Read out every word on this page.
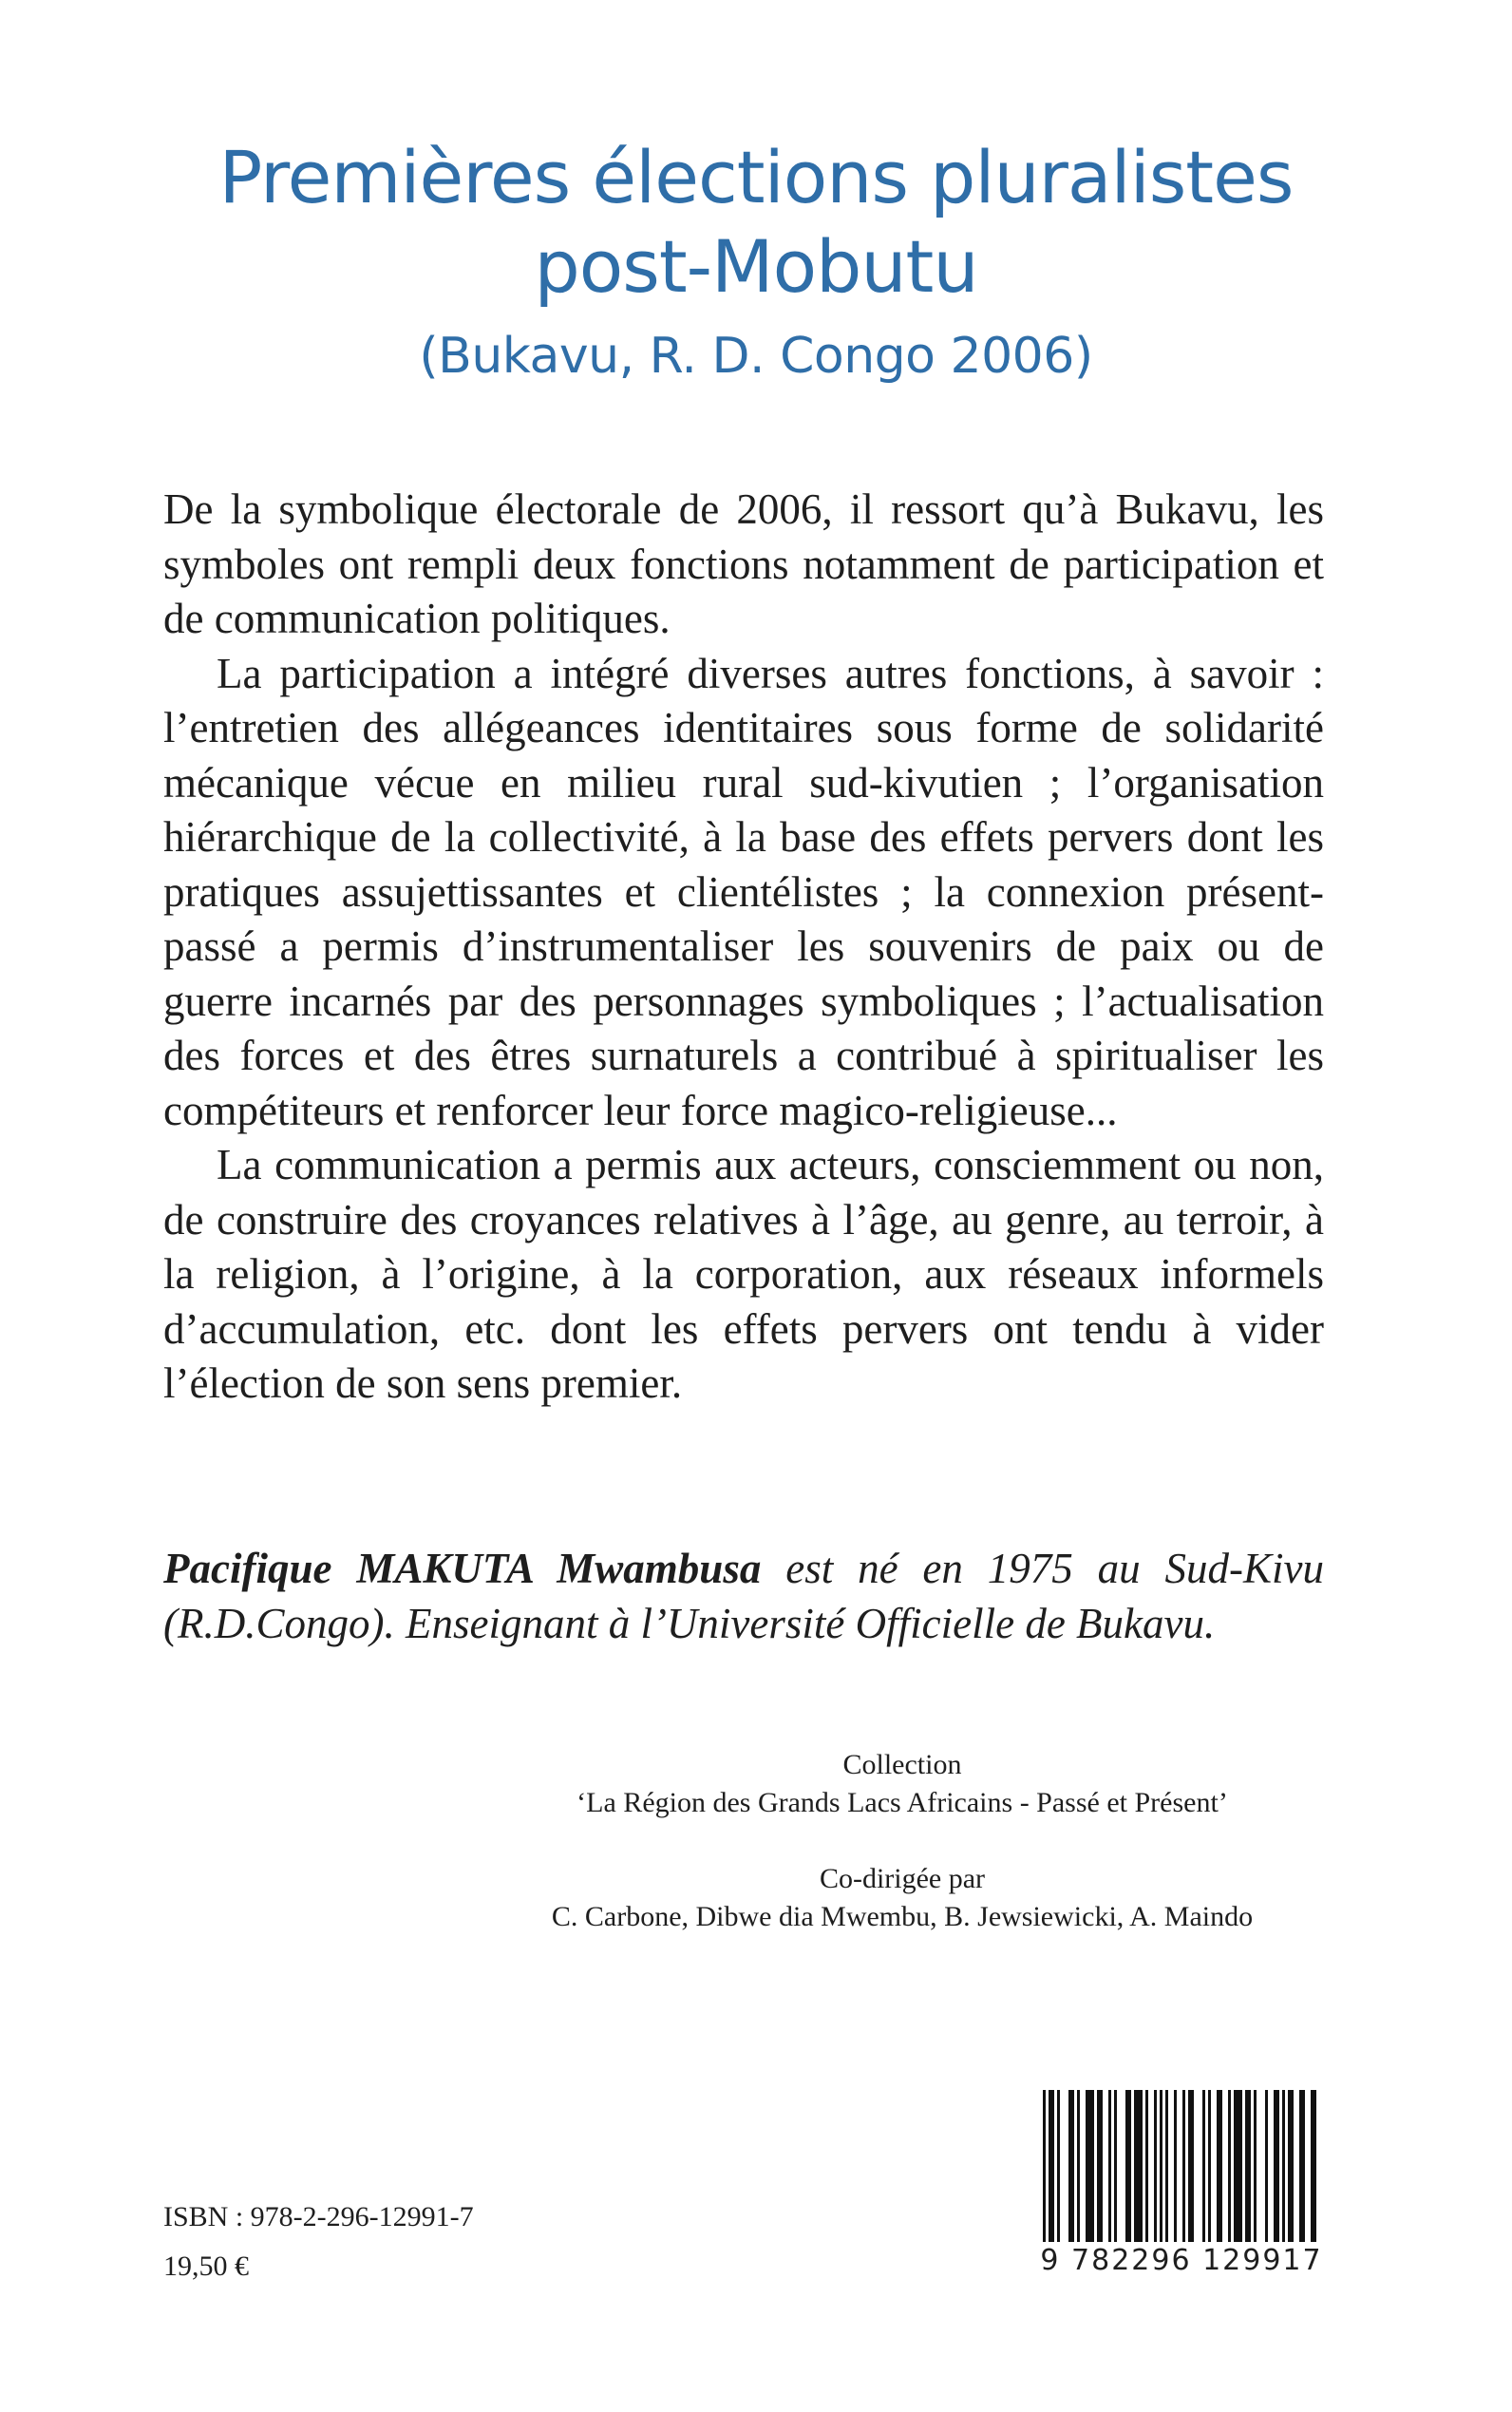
Premières élections pluralistes
post-Mobutu
(Bukavu, R. D. Congo 2006)

De la symbolique électorale de 2006, il ressort qu’à Bukavu, les symboles ont rempli deux fonctions notamment de participation et de communication politiques.

La participation a intégré diverses autres fonctions, à savoir : l’entretien des allégeances identitaires sous forme de solidarité mécanique vécue en milieu rural sud-kivutien ; l’organisation hiérarchique de la collectivité, à la base des effets pervers dont les pratiques assujettissantes et clientélistes ; la connexion présent-passé a permis d’instrumentaliser les souvenirs de paix ou de guerre incarnés par des personnages symboliques ; l’actualisation des forces et des êtres surnaturels a contribué à spiritualiser les compétiteurs et renforcer leur force magico-religieuse...

La communication a permis aux acteurs, consciemment ou non, de construire des croyances relatives à l’âge, au genre, au terroir, à la religion, à l’origine, à la corporation, aux réseaux informels d’accumulation, etc. dont les effets pervers ont tendu à vider l’élection de son sens premier.

Pacifique MAKUTA Mwambusa est né en 1975 au Sud-Kivu (R.D.Congo). Enseignant à l’Université Officielle de Bukavu.
Collection
‘La Région des Grands Lacs Africains - Passé et Présent’
Co-dirigée par
C. Carbone, Dibwe dia Mwembu, B. Jewsiewicki, A. Maindo
ISBN : 978-2-296-12991-7
19,50 €	9 782296 129917
